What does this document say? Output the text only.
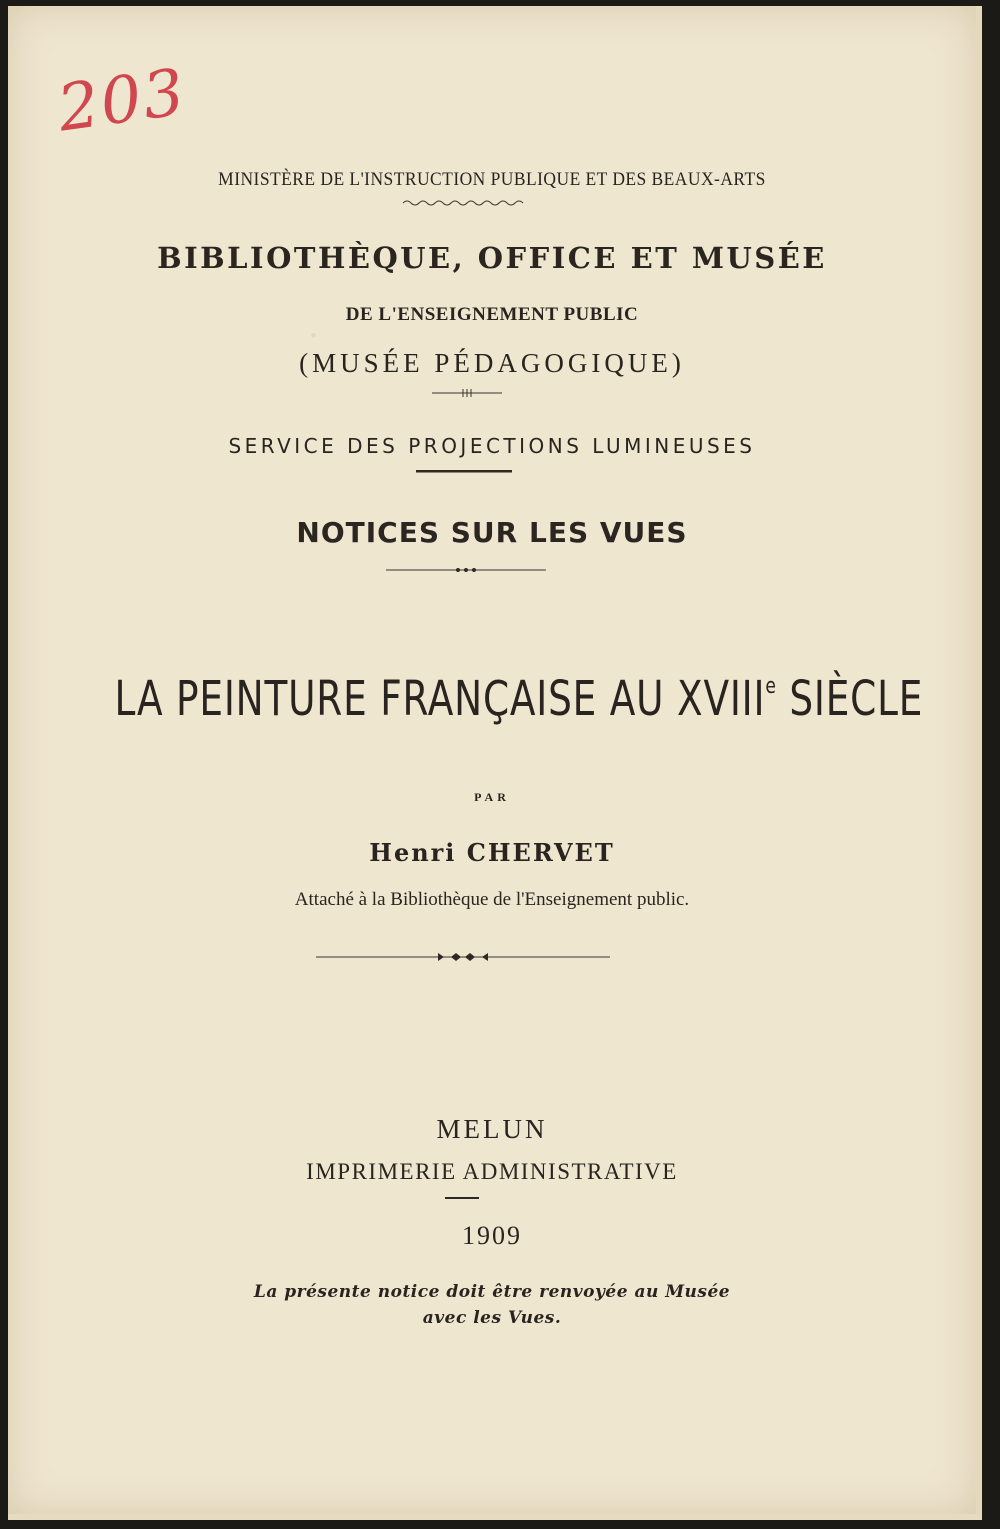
·
203
MINISTÈRE DE L'INSTRUCTION PUBLIQUE ET DES BEAUX-ARTS
BIBLIOTHÈQUE, OFFICE ET MUSÉE
DE L'ENSEIGNEMENT PUBLIC
(MUSÉE PÉDAGOGIQUE)
SERVICE DES PROJECTIONS LUMINEUSES
NOTICES SUR LES VUES
LA PEINTURE FRANÇAISE AU XVIIIe SIÈCLE
PAR
Henri CHERVET
Attaché à la Bibliothèque de l'Enseignement public.
MELUN
IMPRIMERIE ADMINISTRATIVE
1909
La présente notice doit être renvoyée au Musée
avec les Vues.
